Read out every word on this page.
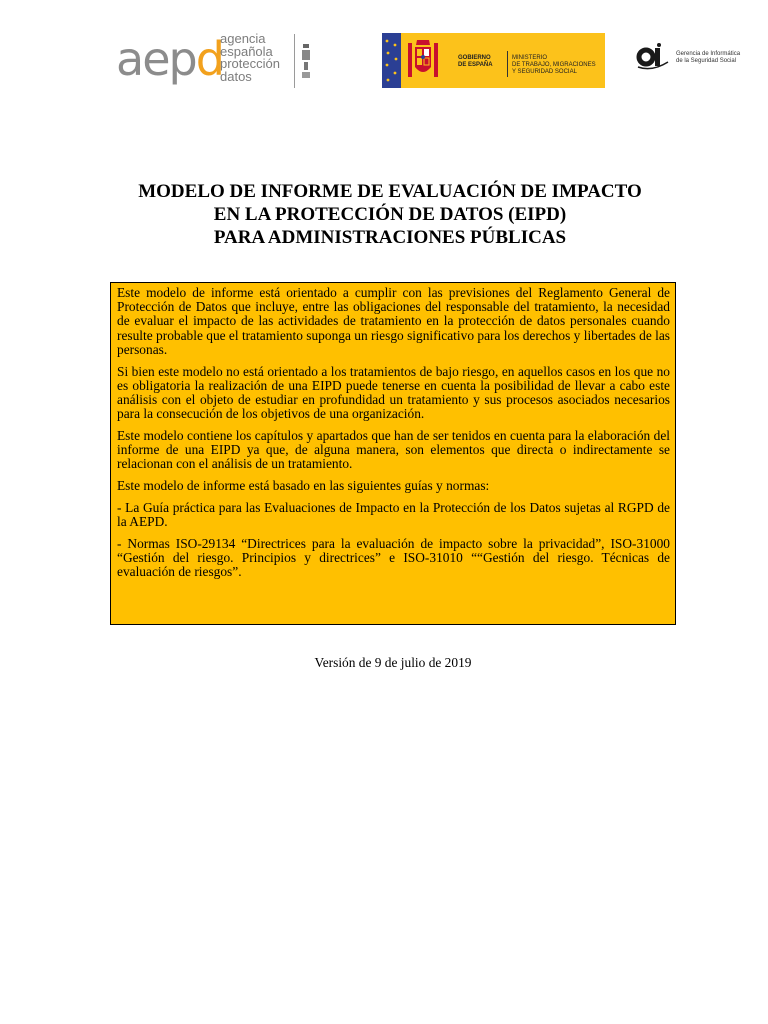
aepd
agencia
española
protección
datos
GOBIERNO
DE ESPAÑA
MINISTERIO
DE TRABAJO, MIGRACIONES
Y SEGURIDAD SOCIAL
Gerencia de Informática
de la Seguridad Social
MODELO DE INFORME DE EVALUACIÓN DE IMPACTO
EN LA PROTECCIÓN DE DATOS (EIPD)
PARA ADMINISTRACIONES PÚBLICAS

Este modelo de informe está orientado a cumplir con las previsiones del Reglamento General de Protección de Datos que incluye, entre las obligaciones del responsable del tratamiento, la necesidad de evaluar el impacto de las actividades de tratamiento en la protección de datos personales cuando resulte probable que el tratamiento suponga un riesgo significativo para los derechos y libertades de las personas.

Si bien este modelo no está orientado a los tratamientos de bajo riesgo, en aquellos casos en los que no es obligatoria la realización de una EIPD puede tenerse en cuenta la posibilidad de llevar a cabo este análisis con el objeto de estudiar en profundidad un tratamiento y sus procesos asociados necesarios para la consecución de los objetivos de una organización.

Este modelo contiene los capítulos y apartados que han de ser tenidos en cuenta para la elaboración del informe de una EIPD ya que, de alguna manera, son elementos que directa o indirectamente se relacionan con el análisis de un tratamiento.

Este modelo de informe está basado en las siguientes guías y normas:

- La Guía práctica para las Evaluaciones de Impacto en la Protección de los Datos sujetas al RGPD de la AEPD.

- Normas ISO-29134 “Directrices para la evaluación de impacto sobre la privacidad”, ISO-31000 “Gestión del riesgo. Principios y directrices” e ISO-31010 ““Gestión del riesgo. Técnicas de evaluación de riesgos”.

Versión de 9 de julio de 2019
